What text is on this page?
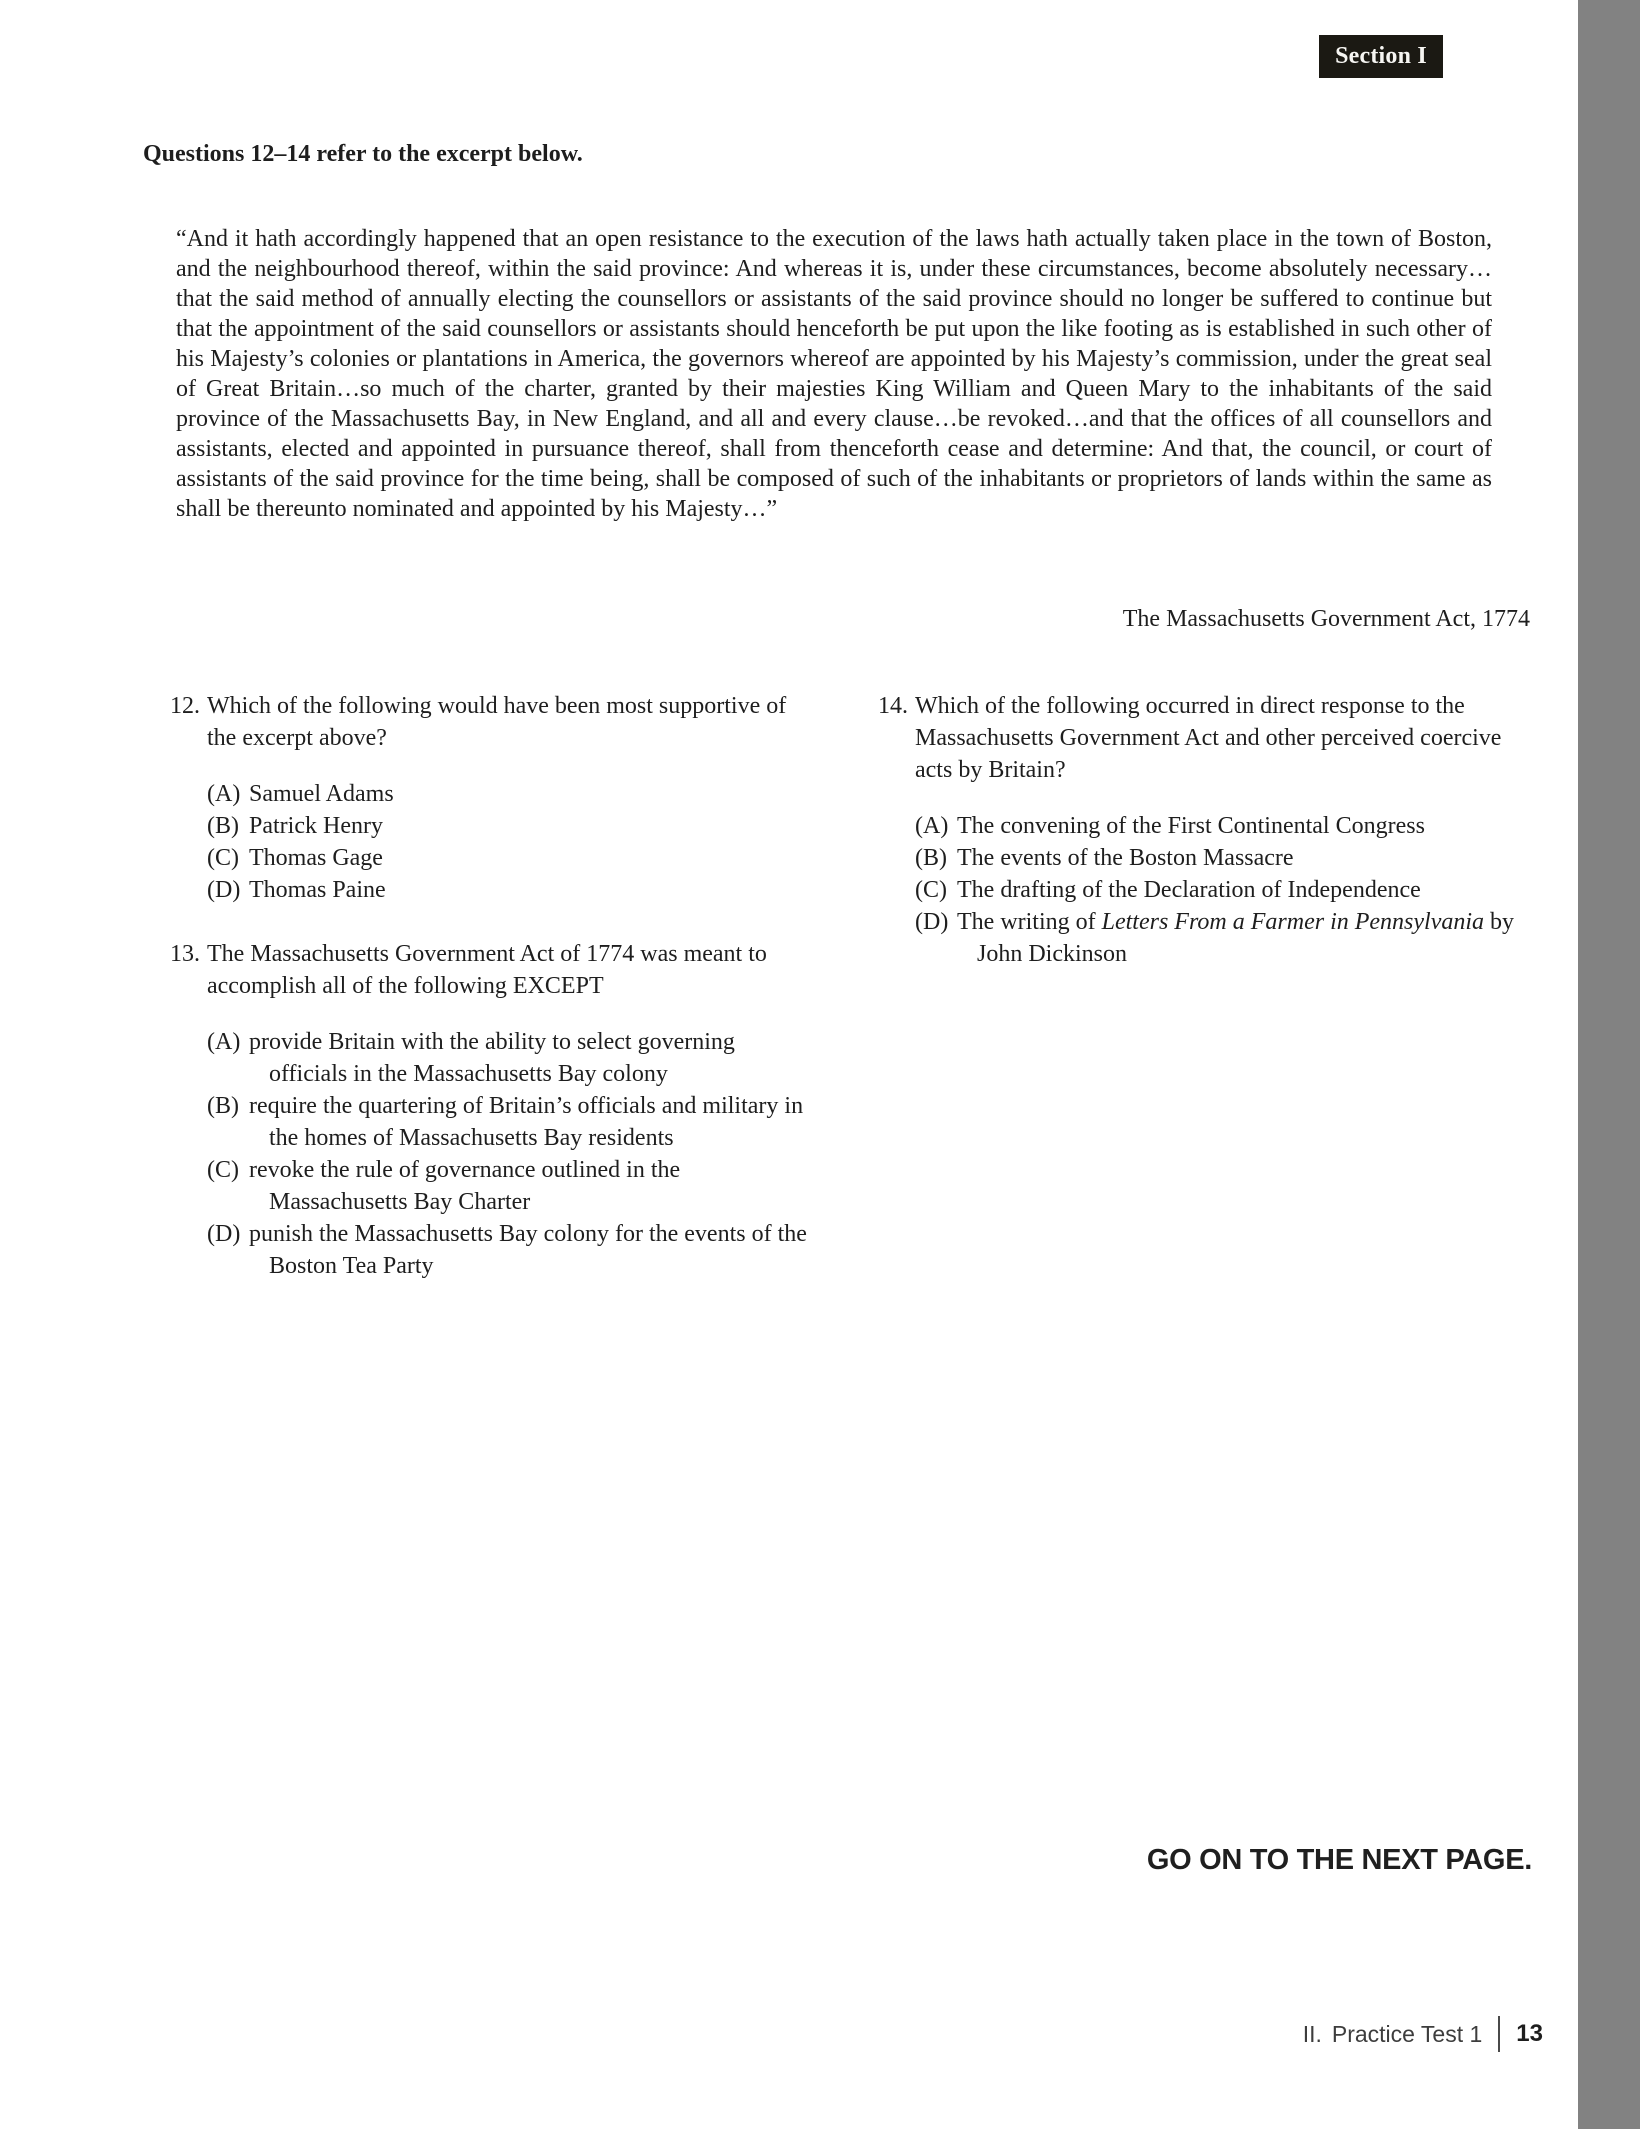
Section I
Questions 12–14 refer to the excerpt below.
“And it hath accordingly happened that an open resistance to the execution of the laws hath actually taken place in the town of Boston, and the neighbourhood thereof, within the said province: And whereas it is, under these circumstances, become absolutely necessary…that the said method of annually electing the counsellors or assistants of the said province should no longer be suffered to continue but that the appointment of the said counsellors or assistants should henceforth be put upon the like footing as is established in such other of his Majesty’s colonies or plantations in America, the governors whereof are appointed by his Majesty’s commission, under the great seal of Great Britain…so much of the charter, granted by their majesties King William and Queen Mary to the inhabitants of the said province of the Massachusetts Bay, in New England, and all and every clause…be revoked…and that the offices of all counsellors and assistants, elected and appointed in pursuance thereof, shall from thenceforth cease and determine: And that, the council, or court of assistants of the said province for the time being, shall be composed of such of the inhabitants or proprietors of lands within the same as shall be thereunto nominated and appointed by his Majesty…”
The Massachusetts Government Act, 1774
12. Which of the following would have been most supportive of the excerpt above?
(A) Samuel Adams
(B) Patrick Henry
(C) Thomas Gage
(D) Thomas Paine
13. The Massachusetts Government Act of 1774 was meant to accomplish all of the following EXCEPT
(A) provide Britain with the ability to select governing officials in the Massachusetts Bay colony
(B) require the quartering of Britain’s officials and military in the homes of Massachusetts Bay residents
(C) revoke the rule of governance outlined in the Massachusetts Bay Charter
(D) punish the Massachusetts Bay colony for the events of the Boston Tea Party
14. Which of the following occurred in direct response to the Massachusetts Government Act and other perceived coercive acts by Britain?
(A) The convening of the First Continental Congress
(B) The events of the Boston Massacre
(C) The drafting of the Declaration of Independence
(D) The writing of Letters From a Farmer in Pennsylvania by John Dickinson
GO ON TO THE NEXT PAGE.
II. Practice Test 1 13
